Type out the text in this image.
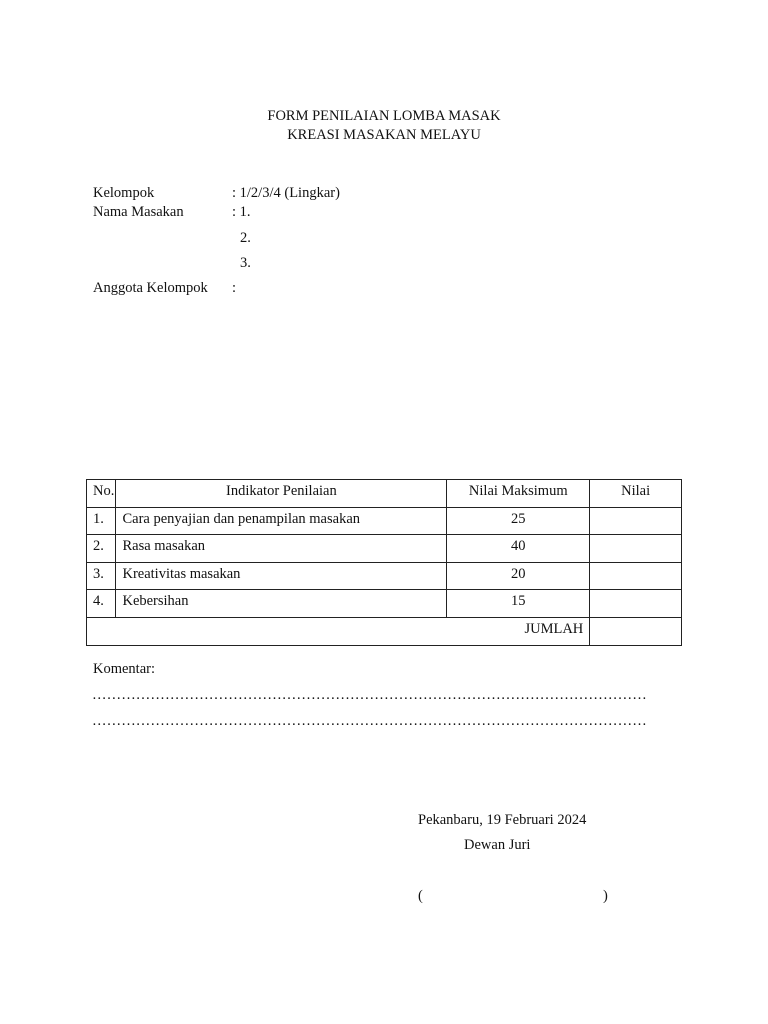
FORM PENILAIAN LOMBA MASAK
KREASI MASAKAN MELAYU
Kelompok	: 1/2/3/4 (Lingkar)
Nama Masakan	: 1.
2.
3.
Anggota Kelompok :
No.	Indikator Penilaian	Nilai Maksimum	Nilai
1.	Cara penyajian dan penampilan masakan	25	
2.	Rasa masakan	40	
3.	Kreativitas masakan	20	
4.	Kebersihan	15	
JUMLAH			
Komentar:
……………………………………………………………………………………………………
……………………………………………………………………………………………………
Pekanbaru, 19 Februari 2024
Dewan Juri
(	)
